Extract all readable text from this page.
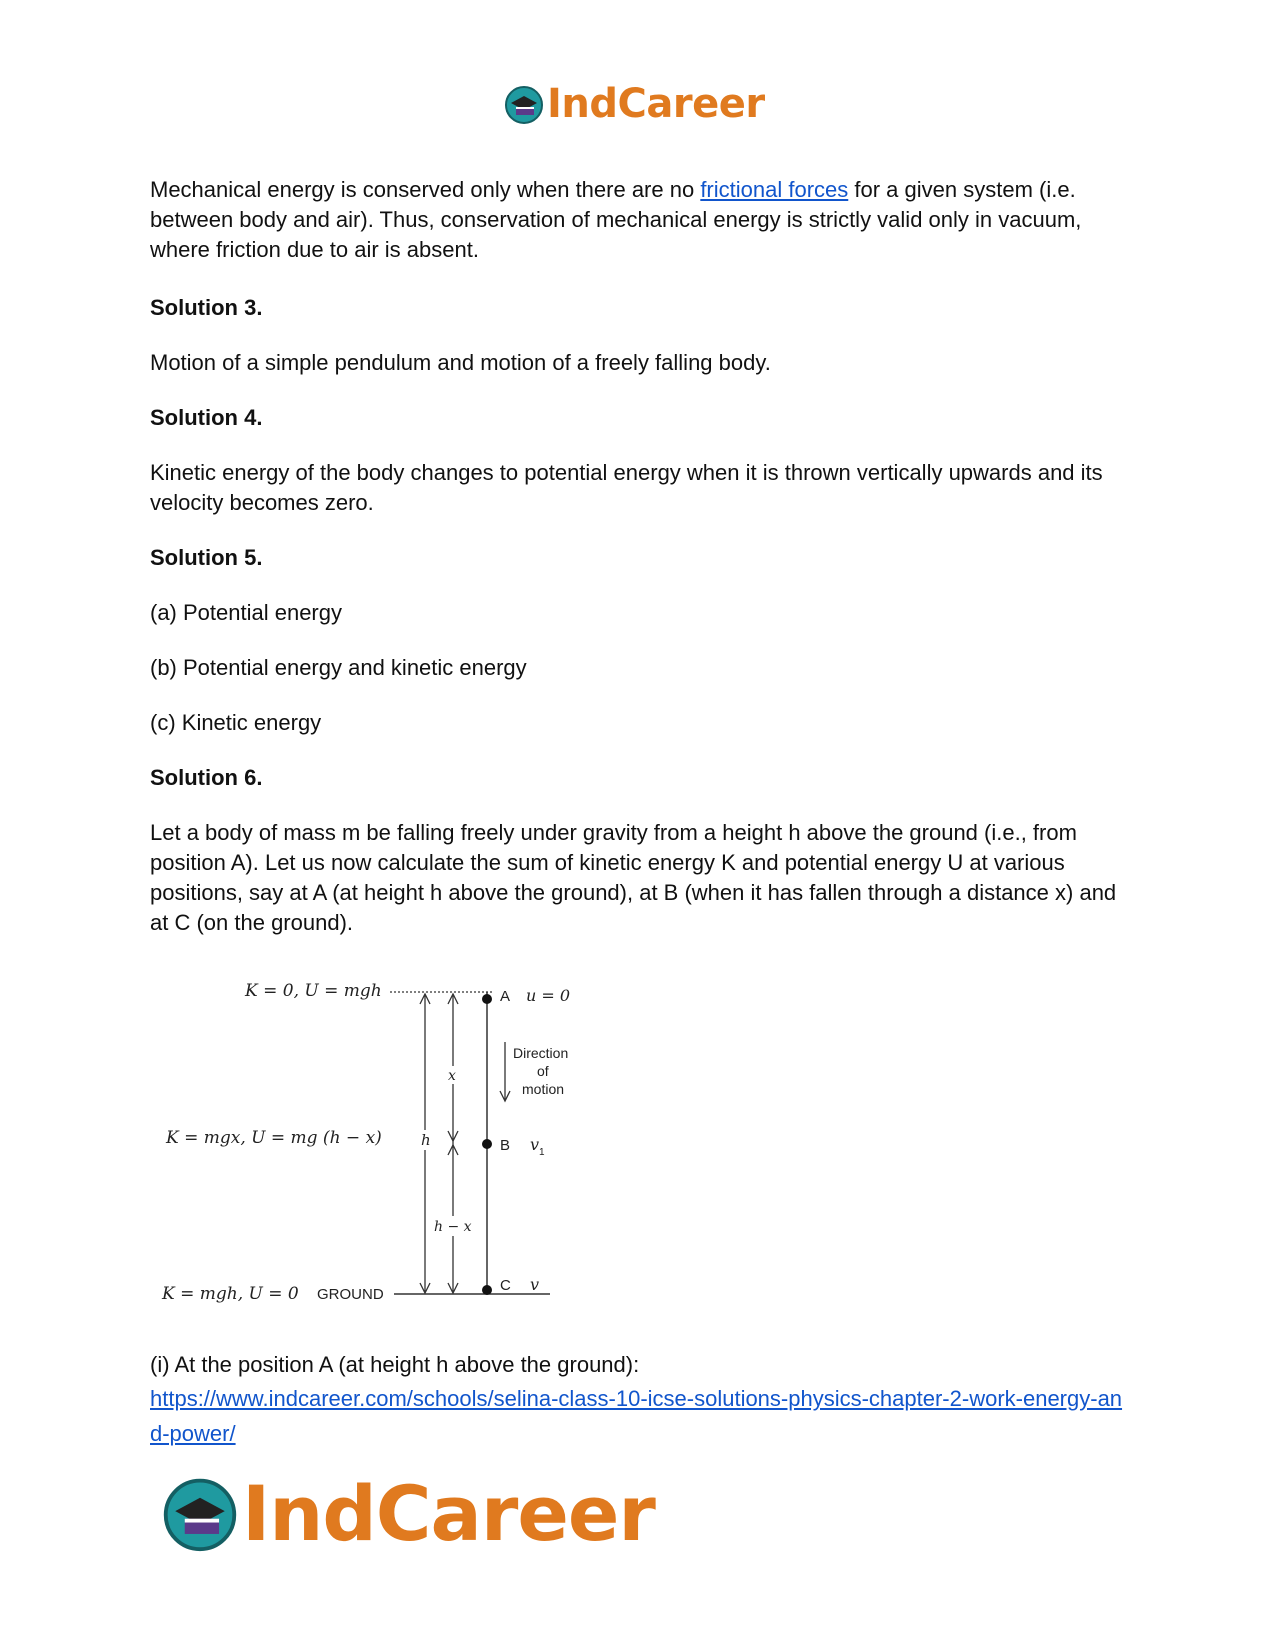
IndCareer

Mechanical energy is conserved only when there are no frictional forces for a given system (i.e. between body and air). Thus, conservation of mechanical energy is strictly valid only in vacuum, where friction due to air is absent.

Solution 3.

Motion of a simple pendulum and motion of a freely falling body.

Solution 4.

Kinetic energy of the body changes to potential energy when it is thrown vertically upwards and its velocity becomes zero.

Solution 5.

(a) Potential energy

(b) Potential energy and kinetic energy

(c) Kinetic energy

Solution 6.

Let a body of mass m be falling freely under gravity from a height h above the ground (i.e., from position A). Let us now calculate the sum of kinetic energy K and potential energy U at various positions, say at A (at height h above the ground), at B (when it has fallen through a distance x) and at C (on the ground).

(i) At the position A (at height h above the ground):

https://www.indcareer.com/schools/selina-class-10-icse-solutions-physics-chapter-2-work-energy-and-power/

K = 0, U = mgh
K = mgx, U = mg (h − x)
K = mgh, U = 0 GROUND
h
x
h − x
A u = 0
B $v_1$
C v
Direction
of
motion
IndCareer
